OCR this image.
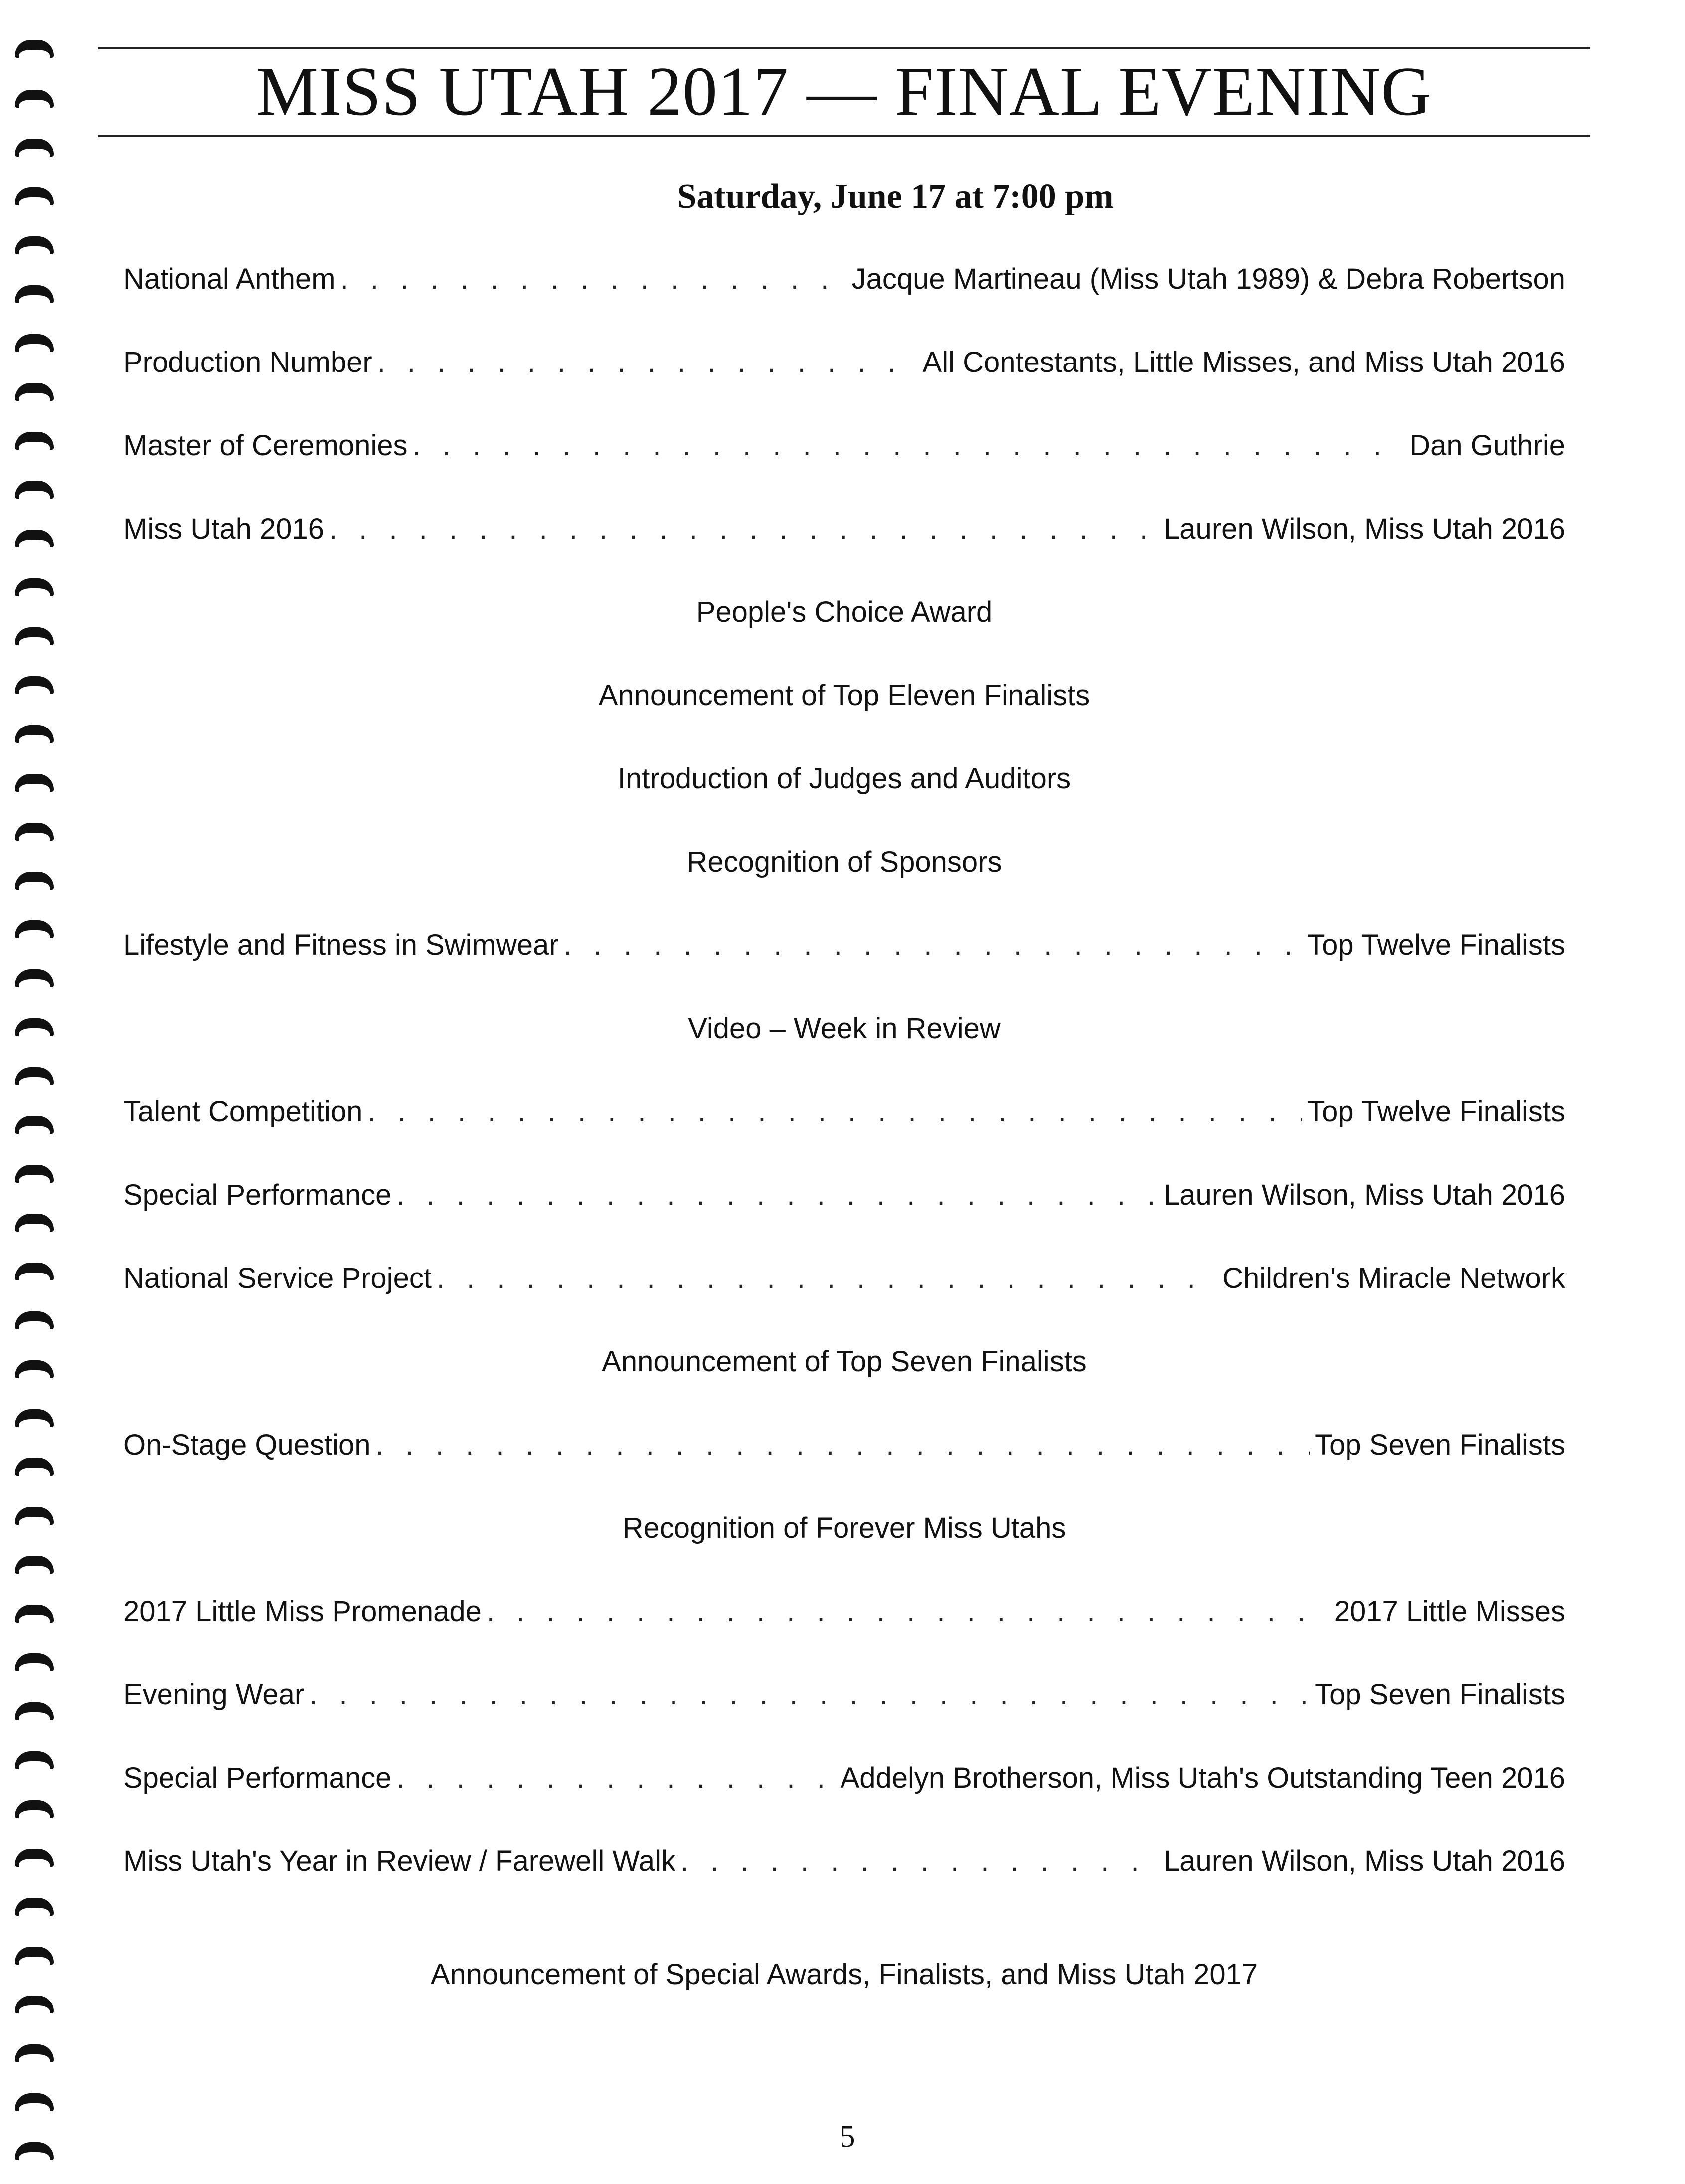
MISS UTAH 2017 — FINAL EVENING
Saturday, June 17 at 7:00 pm
National Anthem . . .	Jacque Martineau (Miss Utah 1989) & Debra Robertson
Production Number . . .	All Contestants, Little Misses, and Miss Utah 2016
Master of Ceremonies . . .	Dan Guthrie
Miss Utah 2016 . . .	Lauren Wilson, Miss Utah 2016
People's Choice Award
Announcement of Top Eleven Finalists
Introduction of Judges and Auditors
Recognition of Sponsors
Lifestyle and Fitness in Swimwear . . .	Top Twelve Finalists
Video – Week in Review
Talent Competition . . .	Top Twelve Finalists
Special Performance . . .	Lauren Wilson, Miss Utah 2016
National Service Project . . .	Children's Miracle Network
Announcement of Top Seven Finalists
On-Stage Question . . .	Top Seven Finalists
Recognition of Forever Miss Utahs
2017 Little Miss Promenade . . .	2017 Little Misses
Evening Wear . . .	Top Seven Finalists
Special Performance . . .	Addelyn Brotherson, Miss Utah's Outstanding Teen 2016
Miss Utah's Year in Review / Farewell Walk . . .	Lauren Wilson, Miss Utah 2016
Announcement of Special Awards, Finalists, and Miss Utah 2017
5
